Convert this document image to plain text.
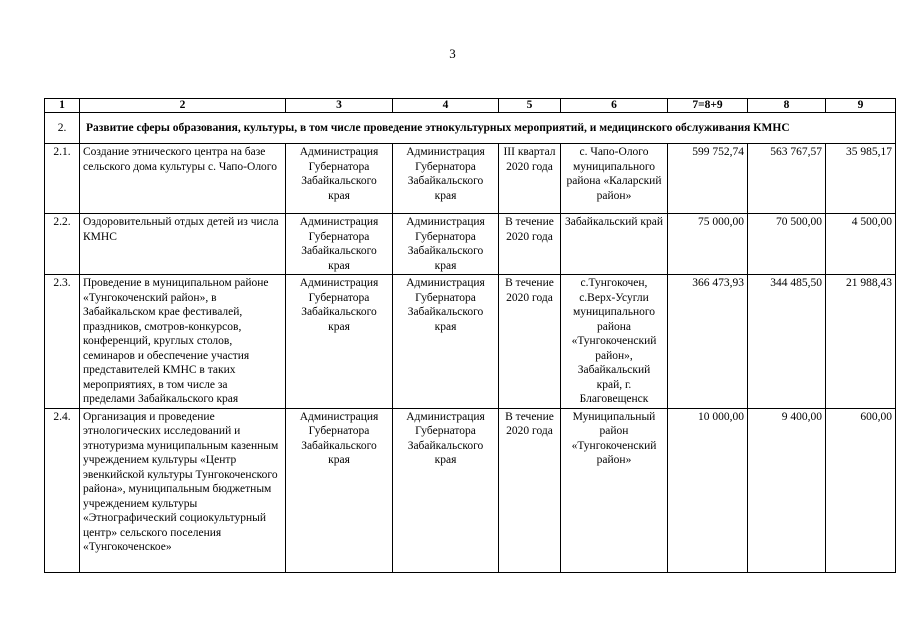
3
1	2	3	4	5	6	7=8+9	8	9
2.	Развитие сферы образования, культуры, в том числе проведение этнокультурных мероприятий, и медицинского обслуживания КМНС							
2.1.	Создание этнического центра на базе сельского дома культуры с. Чапо-Олого	Администрация Губернатора Забайкальского края	Администрация Губернатора Забайкальского края	III квартал 2020 года	с. Чапо-Олого муниципального района «Каларский район»	599 752,74	563 767,57	35 985,17
2.2.	Оздоровительный отдых детей из числа КМНС	Администрация Губернатора Забайкальского края	Администрация Губернатора Забайкальского края	В течение 2020 года	Забайкальский край	75 000,00	70 500,00	4 500,00
2.3.	Проведение в муниципальном районе «Тунгокоченский район», в Забайкальском крае фестивалей, праздников, смотров-конкурсов, конференций, круглых столов, семинаров и обеспечение участия представителей КМНС в таких мероприятиях, в том числе за пределами Забайкальского края	Администрация Губернатора Забайкальского края	Администрация Губернатора Забайкальского края	В течение 2020 года	с.Тунгокочен, с.Верх-Усугли муниципального района «Тунгокоченский район», Забайкальский край, г. Благовещенск	366 473,93	344 485,50	21 988,43
2.4.	Организация и проведение этнологических исследований и этнотуризма муниципальным казенным учреждением культуры «Центр эвенкийской культуры Тунгокоченского района», муниципальным бюджетным учреждением культуры «Этнографический социокультурный центр» сельского поселения «Тунгокоченское»	Администрация Губернатора Забайкальского края	Администрация Губернатора Забайкальского края	В течение 2020 года	Муниципальный район «Тунгокоченский район»	10 000,00	9 400,00	600,00
